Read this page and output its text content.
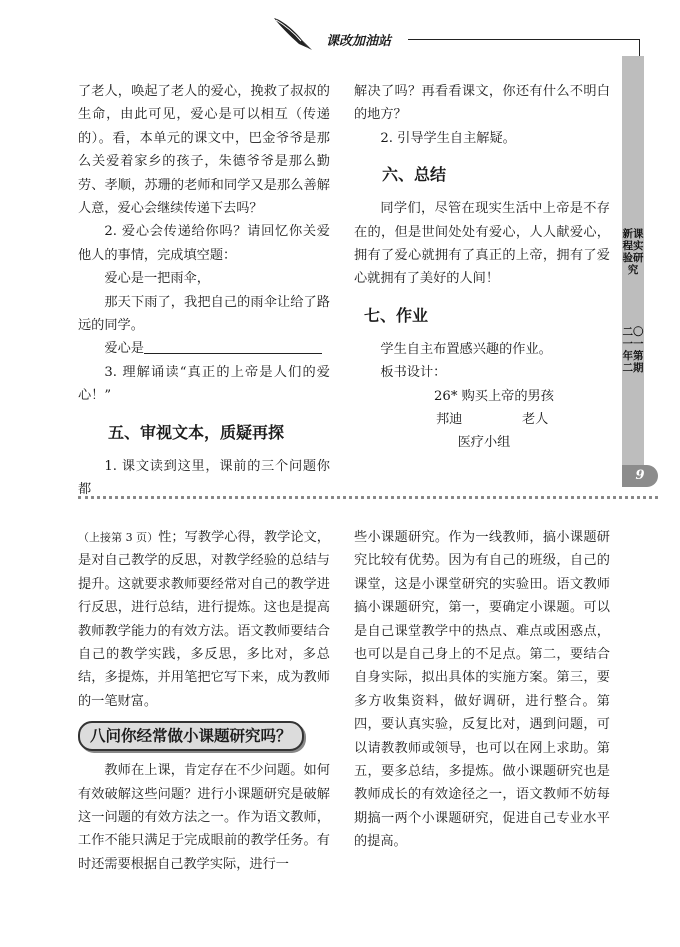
课改加油站

了老人，唤起了老人的爱心，挽救了叔叔的生命，由此可见，爱心是可以相互（传递的）。看，本单元的课文中，巴金爷爷是那么关爱着家乡的孩子，朱德爷爷是那么勤劳、孝顺，苏珊的老师和同学又是那么善解人意，爱心会继续传递下去吗？

2. 爱心会传递给你吗？请回忆你关爱他人的事情，完成填空题：

爱心是一把雨伞，

那天下雨了，我把自己的雨伞让给了路远的同学。

爱心是

3. 理解诵读“真正的上帝是人们的爱心！”

五、审视文本，质疑再探

1. 课文读到这里，课前的三个问题你都

解决了吗？再看看课文，你还有什么不明白的地方？

2. 引导学生自主解疑。

六、总结

同学们，尽管在现实生活中上帝是不存在的，但是世间处处有爱心，人人献爱心，拥有了爱心就拥有了真正的上帝，拥有了爱心就拥有了美好的人间！

七、作业

学生自主布置感兴趣的作业。

板书设计：

26* 购买上帝的男孩
邦迪	老人
医疗小组
新课程实验研究
二〇一一年第二期
9

（上接第 3 页）性；写教学心得，教学论文，是对自己教学的反思，对教学经验的总结与提升。这就要求教师要经常对自己的教学进行反思，进行总结，进行提炼。这也是提高教师教学能力的有效方法。语文教师要结合自己的教学实践，多反思，多比对，多总结，多提炼，并用笔把它写下来，成为教师的一笔财富。

八问你经常做小课题研究吗？

教师在上课，肯定存在不少问题。如何有效破解这些问题？进行小课题研究是破解这一问题的有效方法之一。作为语文教师，工作不能只满足于完成眼前的教学任务。有时还需要根据自己教学实际，进行一

些小课题研究。作为一线教师，搞小课题研究比较有优势。因为有自己的班级，自己的课堂，这是小课堂研究的实验田。语文教师搞小课题研究，第一，要确定小课题。可以是自己课堂教学中的热点、难点或困惑点，也可以是自己身上的不足点。第二，要结合自身实际，拟出具体的实施方案。第三，要多方收集资料，做好调研，进行整合。第四，要认真实验，反复比对，遇到问题，可以请教教师或领导，也可以在网上求助。第五，要多总结，多提炼。做小课题研究也是教师成长的有效途径之一，语文教师不妨每期搞一两个小课题研究，促进自己专业水平的提高。
